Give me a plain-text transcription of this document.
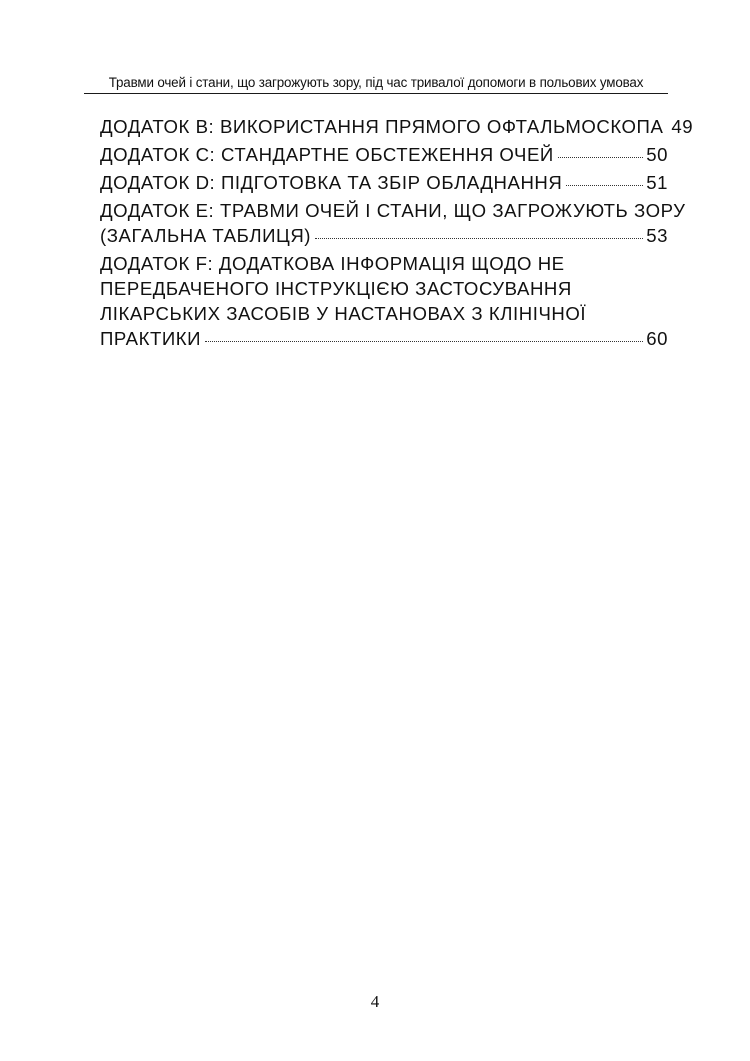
Травми очей і стани, що загрожують зору, під час тривалої допомоги в польових умовах
ДОДАТОК B: ВИКОРИСТАННЯ ПРЯМОГО ОФТАЛЬМОСКОПА 49
ДОДАТОК C: СТАНДАРТНЕ ОБСТЕЖЕННЯ ОЧЕЙ	50
ДОДАТОК D: ПІДГОТОВКА ТА ЗБІР ОБЛАДНАННЯ	51
ДОДАТОК E: ТРАВМИ ОЧЕЙ І СТАНИ, ЩО ЗАГРОЖУЮТЬ ЗОРУ
(ЗАГАЛЬНА ТАБЛИЦЯ)	53
ДОДАТОК F: ДОДАТКОВА ІНФОРМАЦІЯ ЩОДО НЕ
ПЕРЕДБАЧЕНОГО ІНСТРУКЦІЄЮ ЗАСТОСУВАННЯ
ЛІКАРСЬКИХ ЗАСОБІВ У НАСТАНОВАХ З КЛІНІЧНОЇ
ПРАКТИКИ	60
4
